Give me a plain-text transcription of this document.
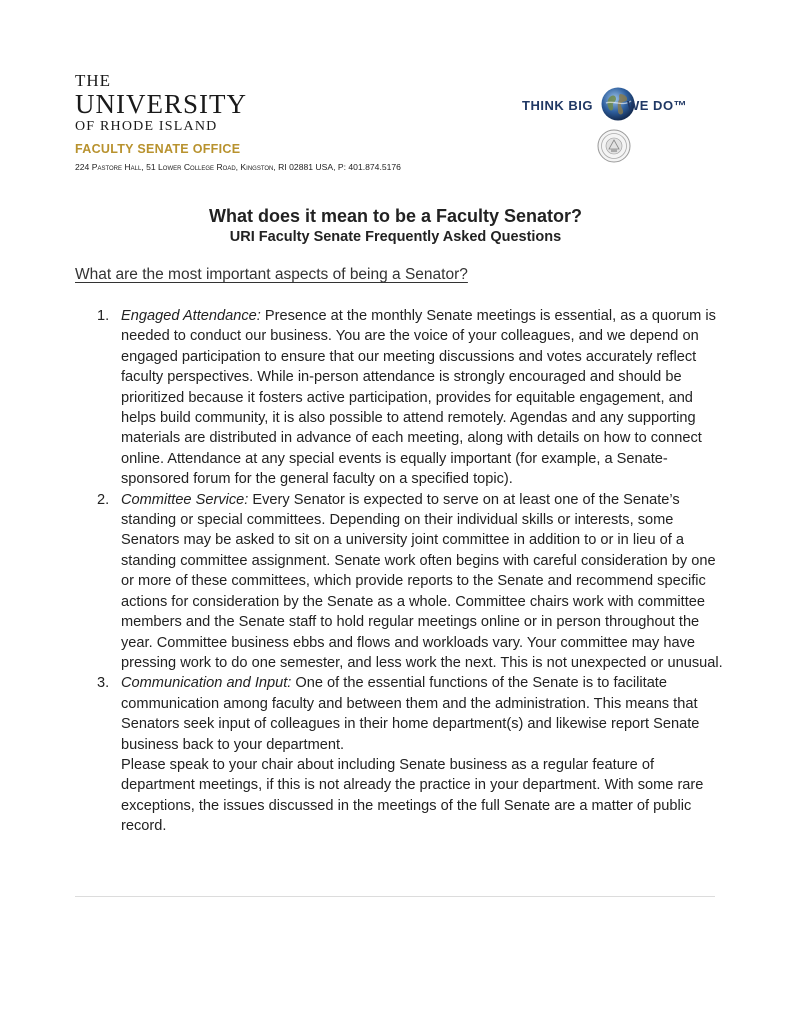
THE
UNIVERSITY
OF RHODE ISLAND
FACULTY SENATE OFFICE
224 Pastore Hall, 51 Lower College Road, Kingston, RI 02881 USA, P: 401.874.5176
THINK BIG	WE DO™
What does it mean to be a Faculty Senator?
URI Faculty Senate Frequently Asked Questions
What are the most important aspects of being a Senator?
1. Engaged Attendance: Presence at the monthly Senate meetings is essential, as a quorum is needed to conduct our business. You are the voice of your colleagues, and we depend on engaged participation to ensure that our meeting discussions and votes accurately reflect faculty perspectives. While in-person attendance is strongly encouraged and should be prioritized because it fosters active participation, provides for equitable engagement, and helps build community, it is also possible to attend remotely. Agendas and any supporting materials are distributed in advance of each meeting, along with details on how to connect online. Attendance at any special events is equally important (for example, a Senate-sponsored forum for the general faculty on a specified topic).
2. Committee Service: Every Senator is expected to serve on at least one of the Senate’s standing or special committees. Depending on their individual skills or interests, some Senators may be asked to sit on a university joint committee in addition to or in lieu of a standing committee assignment. Senate work often begins with careful consideration by one or more of these committees, which provide reports to the Senate and recommend specific actions for consideration by the Senate as a whole. Committee chairs work with committee members and the Senate staff to hold regular meetings online or in person throughout the year. Committee business ebbs and flows and workloads vary. Your committee may have pressing work to do one semester, and less work the next. This is not unexpected or unusual.
3. Communication and Input: One of the essential functions of the Senate is to facilitate communication among faculty and between them and the administration. This means that Senators seek input of colleagues in their home department(s) and likewise report Senate business back to your department.
Please speak to your chair about including Senate business as a regular feature of department meetings, if this is not already the practice in your department. With some rare exceptions, the issues discussed in the meetings of the full Senate are a matter of public record.
